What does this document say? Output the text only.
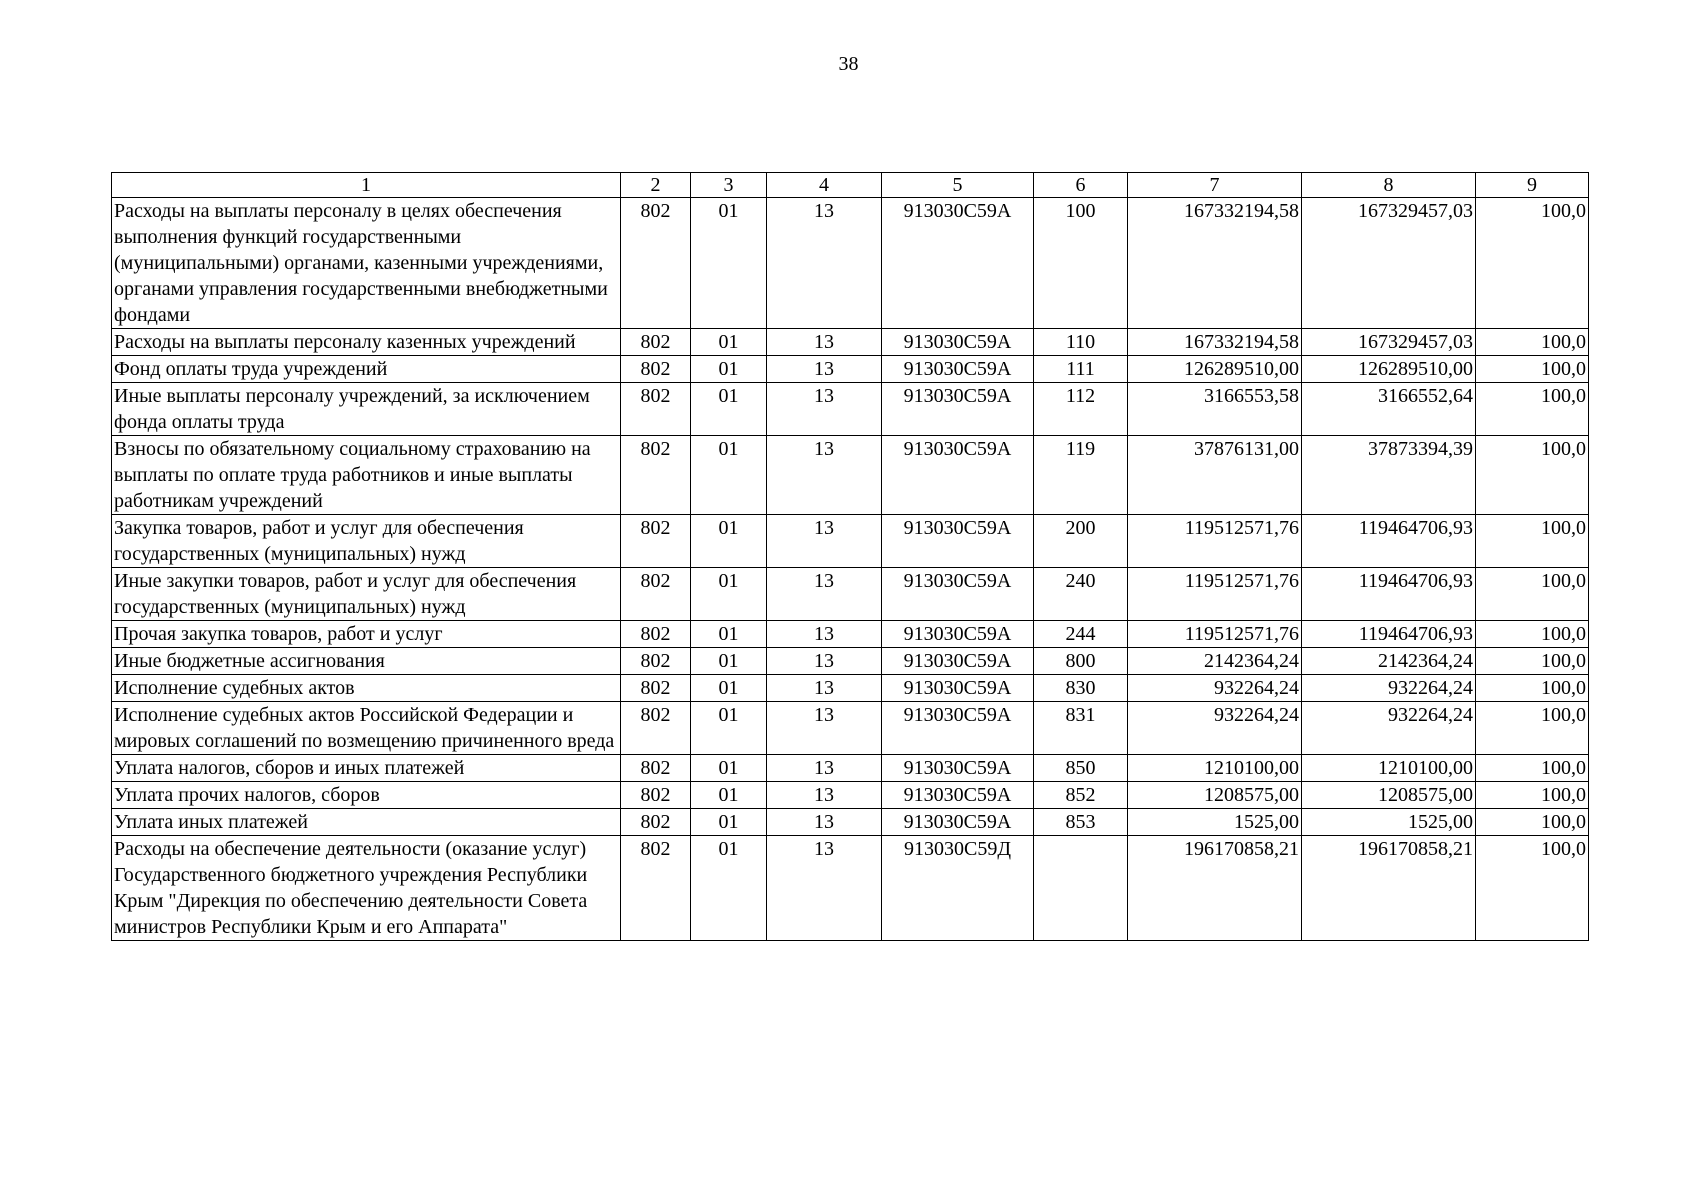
38
1	2	3	4	5	6	7	8	9
Расходы на выплаты персоналу в целях обеспечения выполнения функций государственными (муниципальными) органами, казенными учреждениями, органами управления государственными внебюджетными фондами	802	01	13	913030С59А	100	167332194,58	167329457,03	100,0
Расходы на выплаты персоналу казенных учреждений	802	01	13	913030С59А	110	167332194,58	167329457,03	100,0
Фонд оплаты труда учреждений	802	01	13	913030С59А	111	126289510,00	126289510,00	100,0
Иные выплаты персоналу учреждений, за исключением фонда оплаты труда	802	01	13	913030С59А	112	3166553,58	3166552,64	100,0
Взносы по обязательному социальному страхованию на выплаты по оплате труда работников и иные выплаты работникам учреждений	802	01	13	913030С59А	119	37876131,00	37873394,39	100,0
Закупка товаров, работ и услуг для обеспечения государственных (муниципальных) нужд	802	01	13	913030С59А	200	119512571,76	119464706,93	100,0
Иные закупки товаров, работ и услуг для обеспечения государственных (муниципальных) нужд	802	01	13	913030С59А	240	119512571,76	119464706,93	100,0
Прочая закупка товаров, работ и услуг	802	01	13	913030С59А	244	119512571,76	119464706,93	100,0
Иные бюджетные ассигнования	802	01	13	913030С59А	800	2142364,24	2142364,24	100,0
Исполнение судебных актов	802	01	13	913030С59А	830	932264,24	932264,24	100,0
Исполнение судебных актов Российской Федерации и мировых соглашений по возмещению причиненного вреда	802	01	13	913030С59А	831	932264,24	932264,24	100,0
Уплата налогов, сборов и иных платежей	802	01	13	913030С59А	850	1210100,00	1210100,00	100,0
Уплата прочих налогов, сборов	802	01	13	913030С59А	852	1208575,00	1208575,00	100,0
Уплата иных платежей	802	01	13	913030С59А	853	1525,00	1525,00	100,0
Расходы на обеспечение деятельности (оказание услуг) Государственного бюджетного учреждения Республики Крым "Дирекция по обеспечению деятельности Совета министров Республики Крым и его Аппарата"	802	01	13	913030С59Д		196170858,21	196170858,21	100,0
